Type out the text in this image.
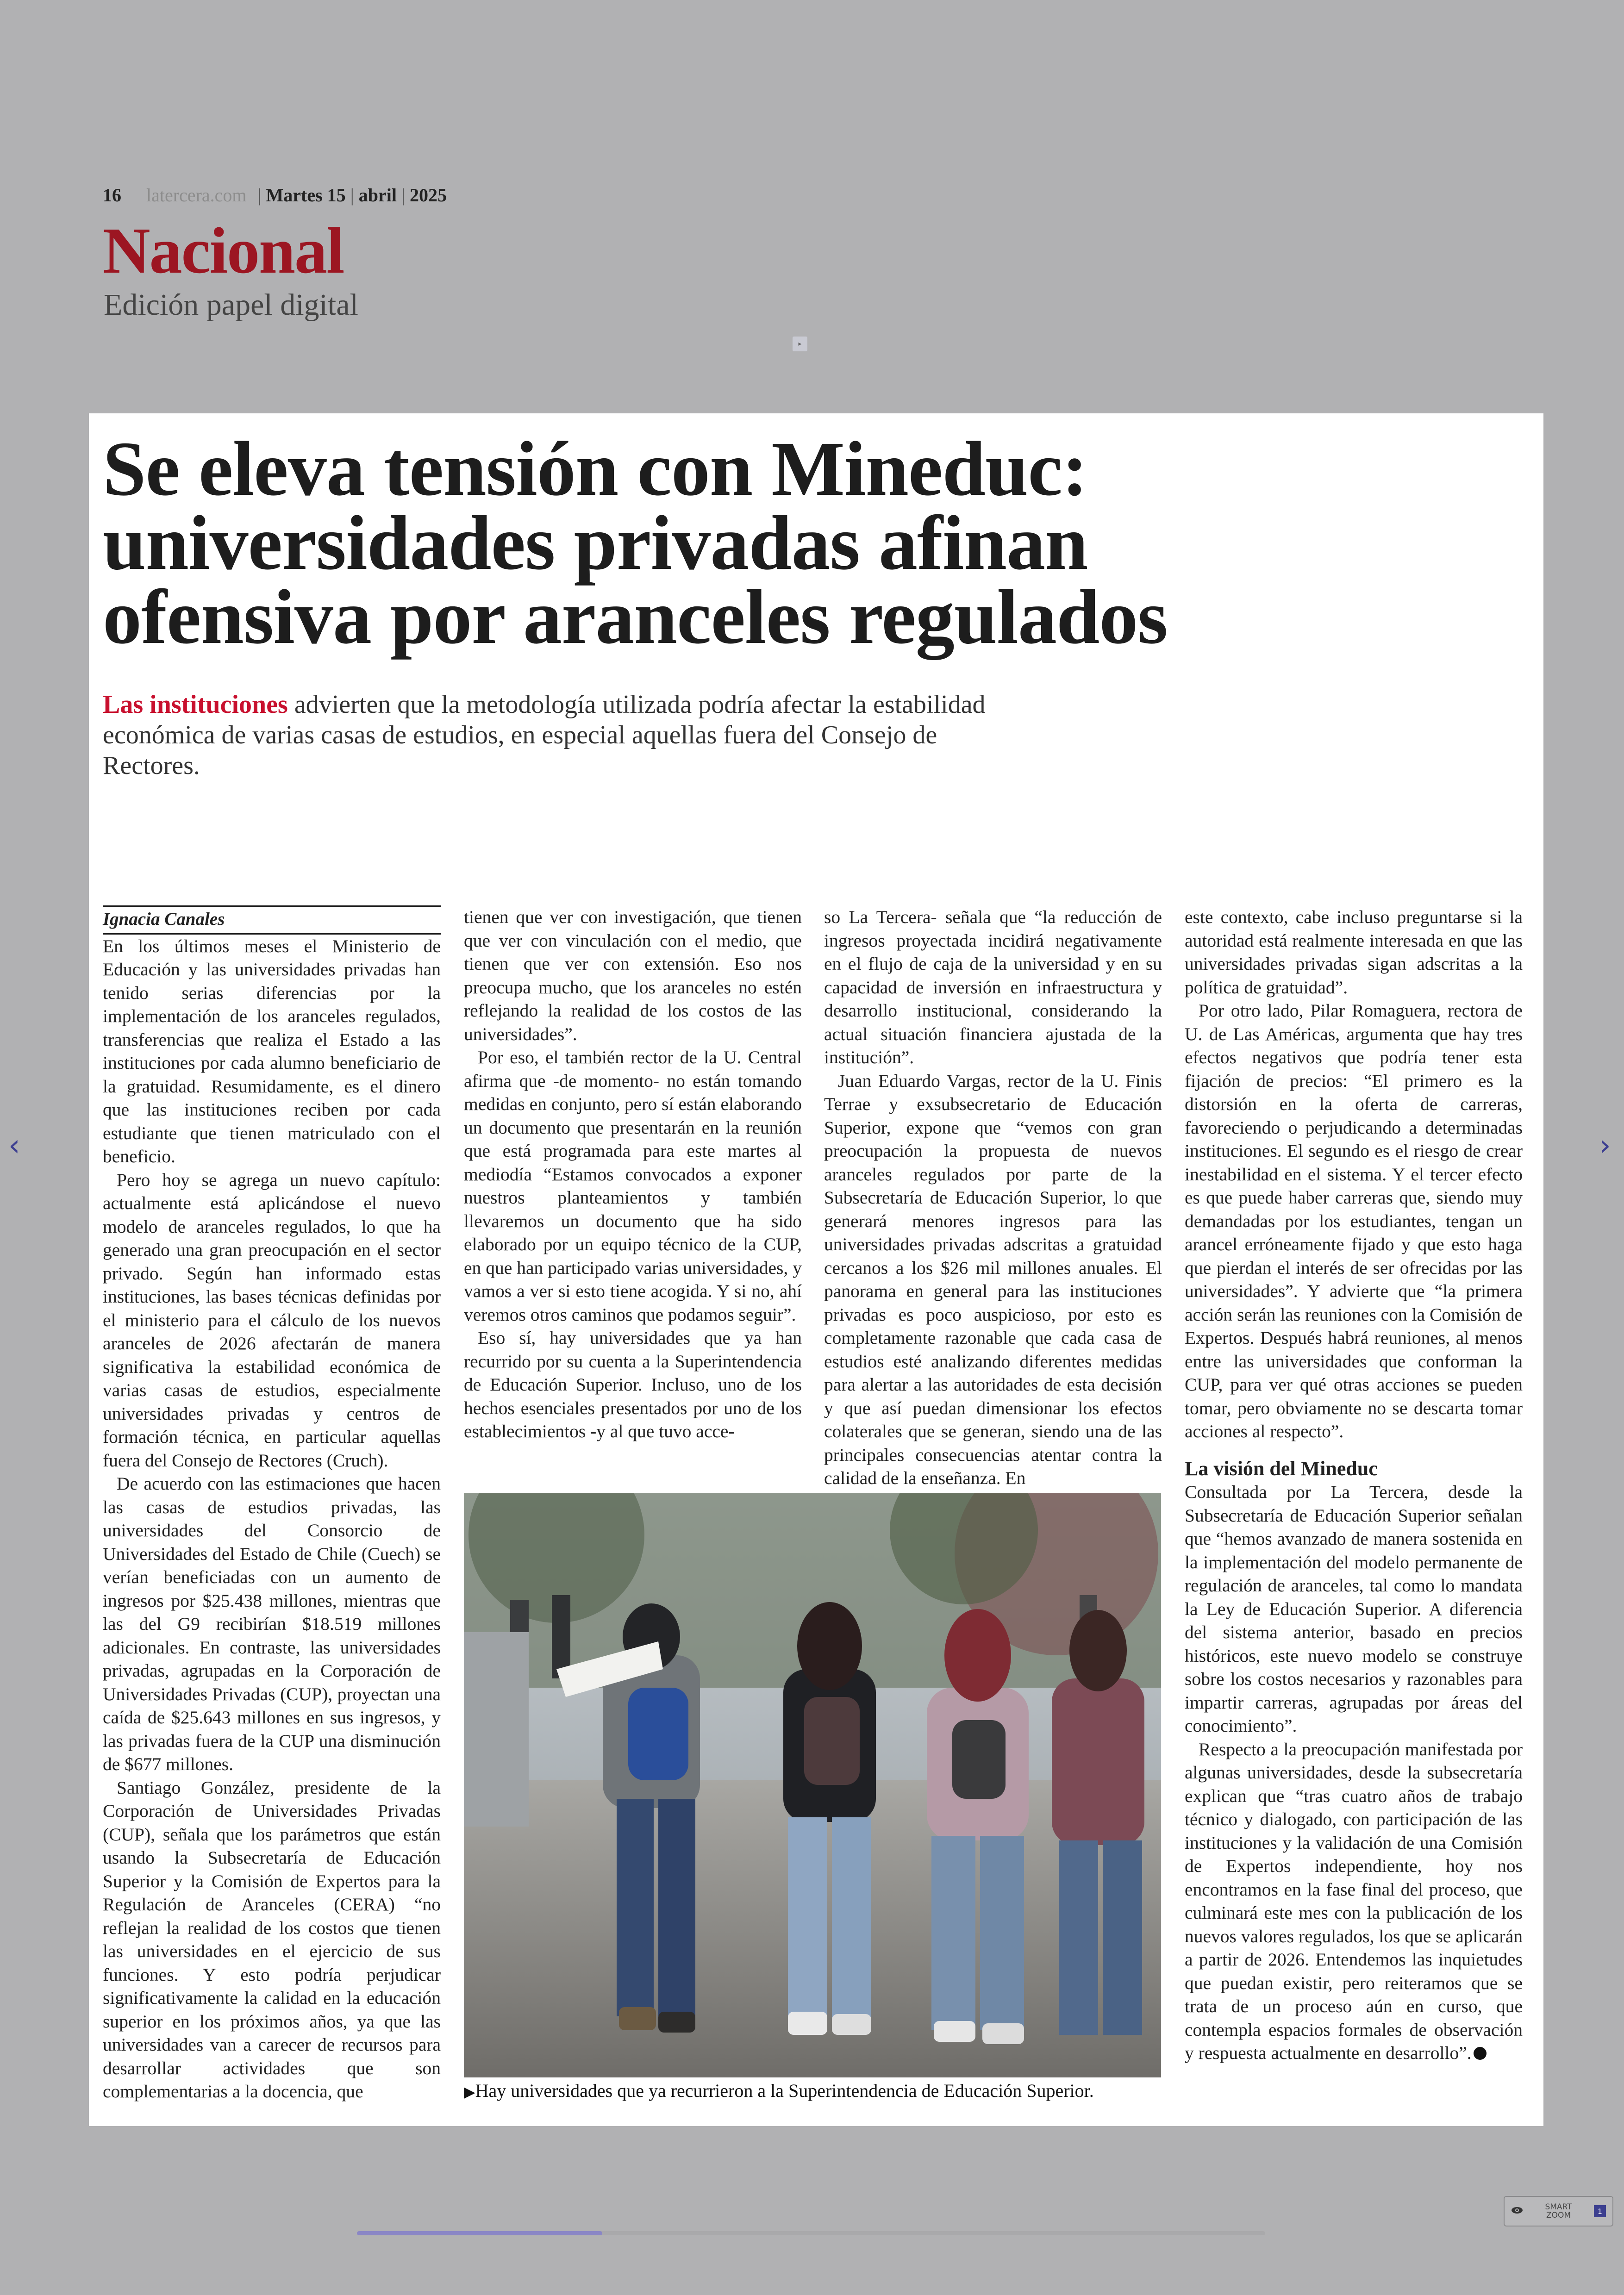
16 latercera.com | Martes 15 | abril | 2025
Nacional
Edición papel digital
▸
Se eleva tensión con Mineduc:
universidades privadas afinan
ofensiva por aranceles regulados
Las instituciones advierten que la metodología utilizada podría afectar la estabilidad económica de varias casas de estudios, en especial aquellas fuera del Consejo de Rectores.

Ignacia Canales

En los últimos meses el Ministerio de Educación y las universidades privadas han tenido serias diferencias por la implementación de los aranceles regulados, transferencias que realiza el Estado a las instituciones por cada alumno beneficiario de la gratuidad. Resumidamente, es el dinero que las instituciones reciben por cada estudiante que tienen matriculado con el beneficio.

Pero hoy se agrega un nuevo capítulo: actualmente está aplicándose el nuevo modelo de aranceles regulados, lo que ha generado una gran preocupación en el sector privado. Según han informado estas instituciones, las bases técnicas definidas por el ministerio para el cálculo de los nuevos aranceles de 2026 afectarán de manera significativa la estabilidad económica de varias casas de estudios, especialmente universidades privadas y centros de formación técnica, en particular aquellas fuera del Consejo de Rectores (Cruch).

De acuerdo con las estimaciones que hacen las casas de estudios privadas, las universidades del Consorcio de Universidades del Estado de Chile (Cuech) se verían beneficiadas con un aumento de ingresos por $25.438 millones, mientras que las del G9 recibirían $18.519 millones adicionales. En contraste, las universidades privadas, agrupadas en la Corporación de Universidades Privadas (CUP), proyectan una caída de $25.643 millones en sus ingresos, y las privadas fuera de la CUP una disminución de $677 millones.

Santiago González, presidente de la Corporación de Universidades Privadas (CUP), señala que los parámetros que están usando la Subsecretaría de Educación Superior y la Comisión de Expertos para la Regulación de Aranceles (CERA) “no reflejan la realidad de los costos que tienen las universidades en el ejercicio de sus funciones. Y esto podría perjudicar significativamente la calidad en la educación superior en los próximos años, ya que las universidades van a carecer de recursos para desarrollar actividades que son complementarias a la docencia, que

tienen que ver con investigación, que tienen que ver con vinculación con el medio, que tienen que ver con extensión. Eso nos preocupa mucho, que los aranceles no estén reflejando la realidad de los costos de las universidades”.

Por eso, el también rector de la U. Central afirma que -de momento- no están tomando medidas en conjunto, pero sí están elaborando un documento que presentarán en la reunión que está programada para este martes al mediodía “Estamos convocados a exponer nuestros planteamientos y también llevaremos un documento que ha sido elaborado por un equipo técnico de la CUP, en que han participado varias universidades, y vamos a ver si esto tiene acogida. Y si no, ahí veremos otros caminos que podamos seguir”.

Eso sí, hay universidades que ya han recurrido por su cuenta a la Superintendencia de Educación Superior. Incluso, uno de los hechos esenciales presentados por uno de los establecimientos -y al que tuvo acce-

so La Tercera- señala que “la reducción de ingresos proyectada incidirá negativamente en el flujo de caja de la universidad y en su capacidad de inversión en infraestructura y desarrollo institucional, considerando la actual situación financiera ajustada de la institución”.

Juan Eduardo Vargas, rector de la U. Finis Terrae y exsubsecretario de Educación Superior, expone que “vemos con gran preocupación la propuesta de nuevos aranceles regulados por parte de la Subsecretaría de Educación Superior, lo que generará menores ingresos para las universidades privadas adscritas a gratuidad cercanos a los $26 mil millones anuales. El panorama en general para las instituciones privadas es poco auspicioso, por esto es completamente razonable que cada casa de estudios esté analizando diferentes medidas para alertar a las autoridades de esta decisión y que así puedan dimensionar los efectos colaterales que se generan, siendo una de las principales consecuencias atentar contra la calidad de la enseñanza. En

este contexto, cabe incluso preguntarse si la autoridad está realmente interesada en que las universidades privadas sigan adscritas a la política de gratuidad”.

Por otro lado, Pilar Romaguera, rectora de U. de Las Américas, argumenta que hay tres efectos negativos que podría tener esta fijación de precios: “El primero es la distorsión en la oferta de carreras, favoreciendo o perjudicando a determinadas instituciones. El segundo es el riesgo de crear inestabilidad en el sistema. Y el tercer efecto es que puede haber carreras que, siendo muy demandadas por los estudiantes, tengan un arancel erróneamente fijado y que esto haga que pierdan el interés de ser ofrecidas por las universidades”. Y advierte que “la primera acción serán las reuniones con la Comisión de Expertos. Después habrá reuniones, al menos entre las universidades que conforman la CUP, para ver qué otras acciones se pueden tomar, pero obviamente no se descarta tomar acciones al respecto”.

La visión del Mineduc

Consultada por La Tercera, desde la Subsecretaría de Educación Superior señalan que “hemos avanzado de manera sostenida en la implementación del modelo permanente de regulación de aranceles, tal como lo mandata la Ley de Educación Superior. A diferencia del sistema anterior, basado en precios históricos, este nuevo modelo se construye sobre los costos necesarios y razonables para impartir carreras, agrupadas por áreas del conocimiento”.

Respecto a la preocupación manifestada por algunas universidades, desde la subsecretaría explican que “tras cuatro años de trabajo técnico y dialogado, con participación de las instituciones y la validación de una Comisión de Expertos independiente, hoy nos encontramos en la fase final del proceso, que culminará este mes con la publicación de los nuevos valores regulados, los que se aplicarán a partir de 2026. Entendemos las inquietudes que puedan existir, pero reiteramos que se trata de un proceso aún en curso, que contempla espacios formales de observación y respuesta actualmente en desarrollo”.

▶Hay universidades que ya recurrieron a la Superintendencia de Educación Superior.
‹	›
SMART
ZOOM	1
